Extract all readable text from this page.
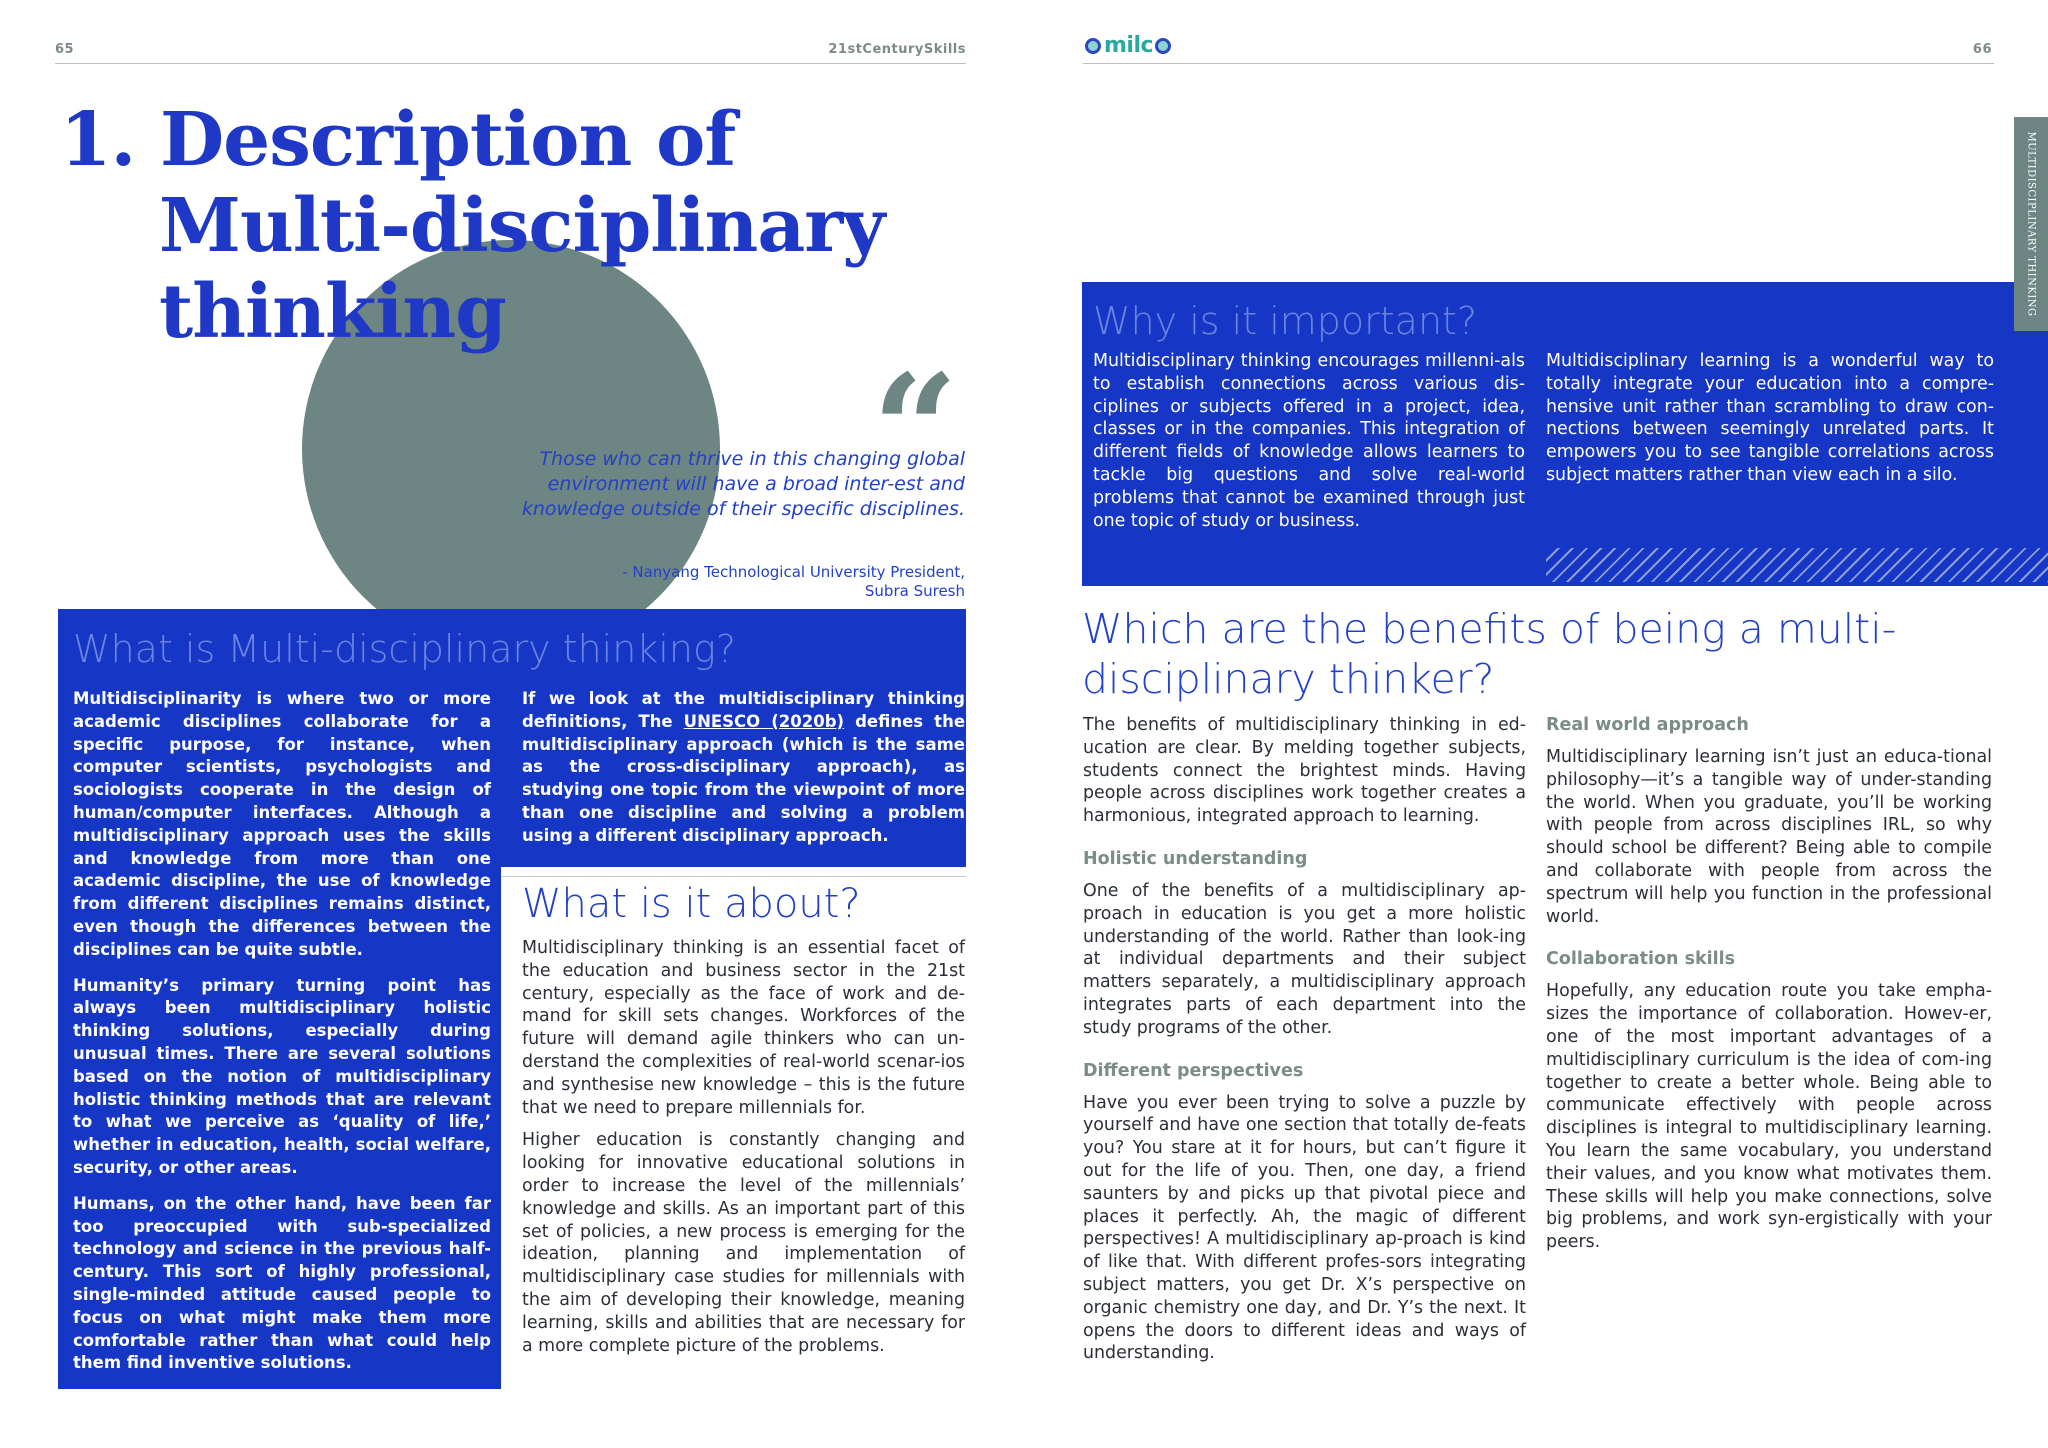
65	21stCenturySkills	milc	66
MULTIDISCIPLINARY THINKING
1. Description of
Multi-disciplinary
thinking
“
Those who can thrive in this changing global environment will have a broad inter-est and knowledge outside of their specific disciplines.
- Nanyang Technological University President,
Subra Suresh
What is Multi-disciplinary thinking?

Multidisciplinarity is where two or more academic disciplines collaborate for a specific purpose, for instance, when computer scientists, psychologists and sociologists cooperate in the design of human/computer interfaces. Although a multidisciplinary approach uses the skills and knowledge from more than one academic discipline, the use of knowledge from different disciplines remains distinct, even though the differences between the disciplines can be quite subtle.

Humanity’s primary turning point has always been multidisciplinary holistic thinking solutions, especially during unusual times. There are several solutions based on the notion of multidisciplinary holistic thinking methods that are relevant to what we perceive as ‘quality of life,’ whether in education, health, social welfare, security, or other areas.

Humans, on the other hand, have been far too preoccupied with sub-specialized technology and science in the previous half-century. This sort of highly professional, single-minded attitude caused people to focus on what might make them more comfortable rather than what could help them find inventive solutions.

If we look at the multidisciplinary thinking definitions, The UNESCO (2020b) defines the multidisciplinary approach (which is the same as the cross-disciplinary approach), as studying one topic from the viewpoint of more than one discipline and solving a problem using a different disciplinary approach.

What is it about?

Multidisciplinary thinking is an essential facet of the education and business sector in the 21st century, especially as the face of work and de-mand for skill sets changes. Workforces of the future will demand agile thinkers who can un-derstand the complexities of real-world scenar-ios and synthesise new knowledge – this is the future that we need to prepare millennials for.

Higher education is constantly changing and looking for innovative educational solutions in order to increase the level of the millennials’ knowledge and skills. As an important part of this set of policies, a new process is emerging for the ideation, planning and implementation of multidisciplinary case studies for millennials with the aim of developing their knowledge, meaning learning, skills and abilities that are necessary for a more complete picture of the problems.

Why is it important?
Multidisciplinary thinking encourages millenni-als to establish connections across various dis-ciplines or subjects offered in a project, idea, classes or in the companies. This integration of different fields of knowledge allows learners to tackle big questions and solve real-world problems that cannot be examined through just one topic of study or business.
Multidisciplinary learning is a wonderful way to totally integrate your education into a compre-hensive unit rather than scrambling to draw con-nections between seemingly unrelated parts. It empowers you to see tangible correlations across subject matters rather than view each in a silo.
Which are the benefits of being a multi-disciplinary thinker?

The benefits of multidisciplinary thinking in ed-ucation are clear. By melding together subjects, students connect the brightest minds. Having people across disciplines work together creates a harmonious, integrated approach to learning.

Holistic understanding

One of the benefits of a multidisciplinary ap-proach in education is you get a more holistic understanding of the world. Rather than look-ing at individual departments and their subject matters separately, a multidisciplinary approach integrates parts of each department into the study programs of the other.

Different perspectives

Have you ever been trying to solve a puzzle by yourself and have one section that totally de-feats you? You stare at it for hours, but can’t figure it out for the life of you. Then, one day, a friend saunters by and picks up that pivotal piece and places it perfectly. Ah, the magic of different perspectives! A multidisciplinary ap-proach is kind of like that. With different profes-sors integrating subject matters, you get Dr. X’s perspective on organic chemistry one day, and Dr. Y’s the next. It opens the doors to different ideas and ways of understanding.

Real world approach

Multidisciplinary learning isn’t just an educa-tional philosophy—it’s a tangible way of under-standing the world. When you graduate, you’ll be working with people from across disciplines IRL, so why should school be different? Being able to compile and collaborate with people from across the spectrum will help you function in the professional world.

Collaboration skills

Hopefully, any education route you take empha-sizes the importance of collaboration. Howev-er, one of the most important advantages of a multidisciplinary curriculum is the idea of com-ing together to create a better whole. Being able to communicate effectively with people across disciplines is integral to multidisciplinary learning. You learn the same vocabulary, you understand their values, and you know what motivates them. These skills will help you make connections, solve big problems, and work syn-ergistically with your peers.
